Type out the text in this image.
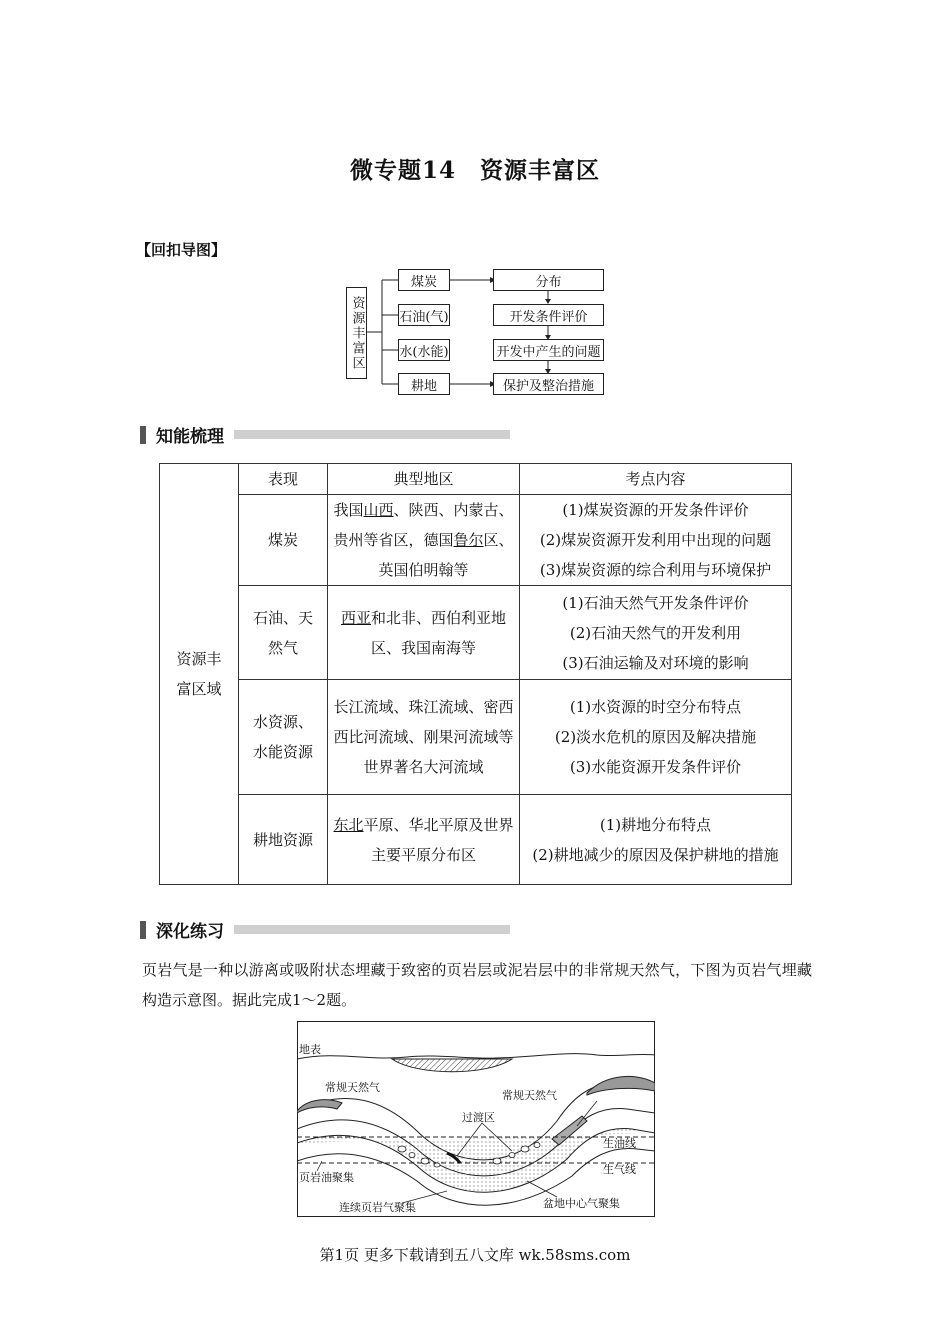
微专题14　资源丰富区
【回扣导图】
资源丰富区
煤炭
石油(气)
水(水能)
耕地
分布
开发条件评价
开发中产生的问题
保护及整治措施
知能梳理
资源丰富区域	表现	典型地区	考点内容
	煤炭	我国山西、陕西、内蒙古、贵州等省区，德国鲁尔区、英国伯明翰等	(1)煤炭资源的开发条件评价
(2)煤炭资源开发利用中出现的问题
(3)煤炭资源的综合利用与环境保护

	石油、天然气	西亚和北非、西伯利亚地区、我国南海等	(1)石油天然气开发条件评价
(2)石油天然气的开发利用
(3)石油运输及对环境的影响

	水资源、水能资源	长江流域、珠江流域、密西西比河流域、刚果河流域等世界著名大河流域	(1)水资源的时空分布特点
(2)淡水危机的原因及解决措施
(3)水能资源开发条件评价

	耕地资源	东北平原、华北平原及世界主要平原分布区	(1)耕地分布特点
(2)耕地减少的原因及保护耕地的措施
深化练习
页岩气是一种以游离或吸附状态埋藏于致密的页岩层或泥岩层中的非常规天然气，下图为页岩气埋藏构造示意图。据此完成1～2题。
地表
常规天然气
常规天然气
过渡区
生油线
生气线
页岩油聚集
连续页岩气聚集	盆地中心气聚集
第1页 更多下载请到五八文库 wk.58sms.com
